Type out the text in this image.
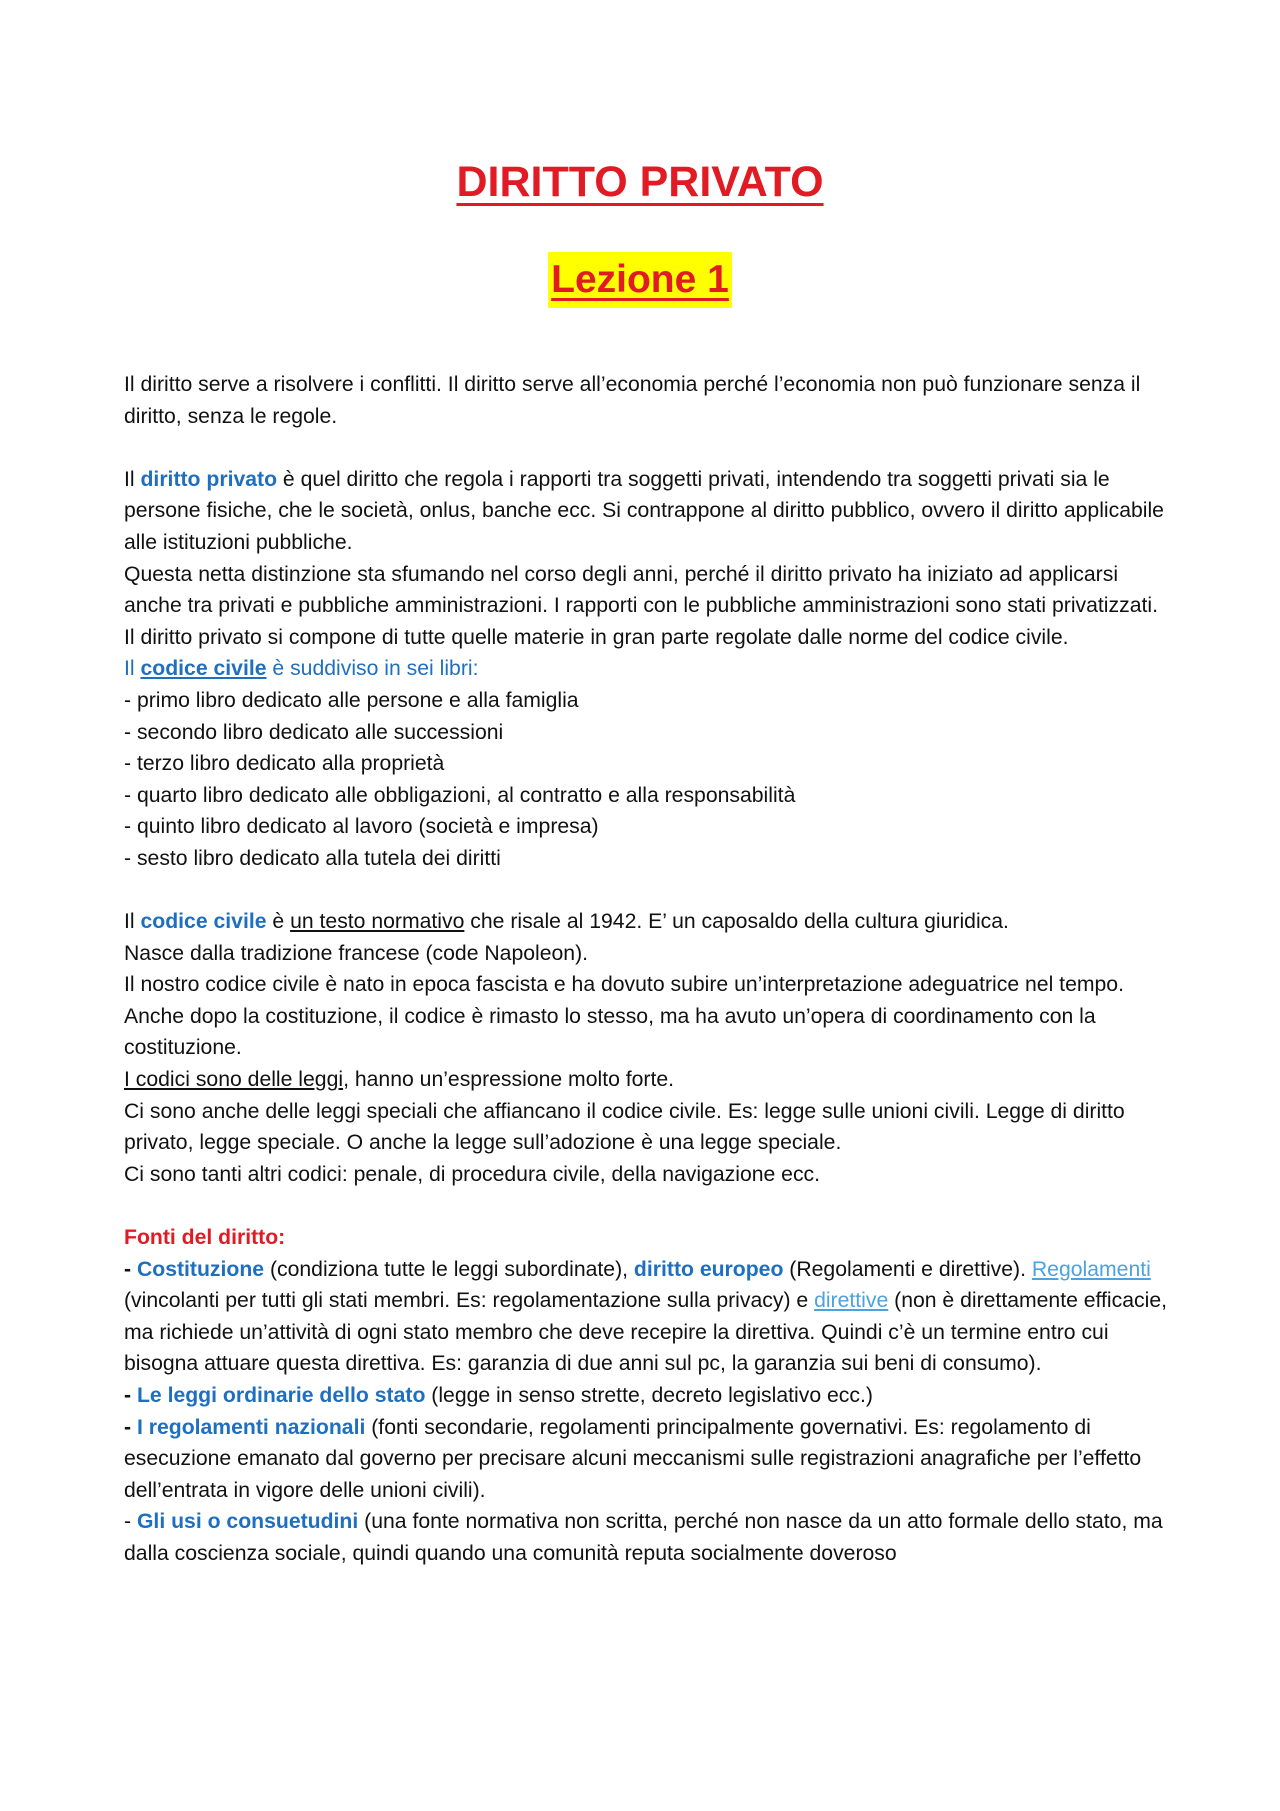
DIRITTO PRIVATO
Lezione 1

Il diritto serve a risolvere i conflitti. Il diritto serve all’economia perché l’economia non può funzionare senza il diritto, senza le regole.

Il diritto privato è quel diritto che regola i rapporti tra soggetti privati, intendendo tra soggetti privati sia le persone fisiche, che le società, onlus, banche ecc. Si contrappone al diritto pubblico, ovvero il diritto applicabile alle istituzioni pubbliche.

Questa netta distinzione sta sfumando nel corso degli anni, perché il diritto privato ha iniziato ad applicarsi anche tra privati e pubbliche amministrazioni. I rapporti con le pubbliche amministrazioni sono stati privatizzati.

Il diritto privato si compone di tutte quelle materie in gran parte regolate dalle norme del codice civile.

Il codice civile è suddiviso in sei libri:

- primo libro dedicato alle persone e alla famiglia

- secondo libro dedicato alle successioni

- terzo libro dedicato alla proprietà

- quarto libro dedicato alle obbligazioni, al contratto e alla responsabilità

- quinto libro dedicato al lavoro (società e impresa)

- sesto libro dedicato alla tutela dei diritti

Il codice civile è un testo normativo che risale al 1942. E’ un caposaldo della cultura giuridica.

Nasce dalla tradizione francese (code Napoleon).

Il nostro codice civile è nato in epoca fascista e ha dovuto subire un’interpretazione adeguatrice nel tempo. Anche dopo la costituzione, il codice è rimasto lo stesso, ma ha avuto un’opera di coordinamento con la costituzione.

I codici sono delle leggi, hanno un’espressione molto forte.

Ci sono anche delle leggi speciali che affiancano il codice civile. Es: legge sulle unioni civili. Legge di diritto privato, legge speciale. O anche la legge sull’adozione è una legge speciale.

Ci sono tanti altri codici: penale, di procedura civile, della navigazione ecc.

Fonti del diritto:

- Costituzione (condiziona tutte le leggi subordinate), diritto europeo (Regolamenti e direttive). Regolamenti (vincolanti per tutti gli stati membri. Es: regolamentazione sulla privacy) e direttive (non è direttamente efficacie, ma richiede un’attività di ogni stato membro che deve recepire la direttiva. Quindi c’è un termine entro cui bisogna attuare questa direttiva. Es: garanzia di due anni sul pc, la garanzia sui beni di consumo).

- Le leggi ordinarie dello stato (legge in senso strette, decreto legislativo ecc.)

- I regolamenti nazionali (fonti secondarie, regolamenti principalmente governativi. Es: regolamento di esecuzione emanato dal governo per precisare alcuni meccanismi sulle registrazioni anagrafiche per l’effetto dell’entrata in vigore delle unioni civili).

- Gli usi o consuetudini (una fonte normativa non scritta, perché non nasce da un atto formale dello stato, ma dalla coscienza sociale, quindi quando una comunità reputa socialmente doveroso
